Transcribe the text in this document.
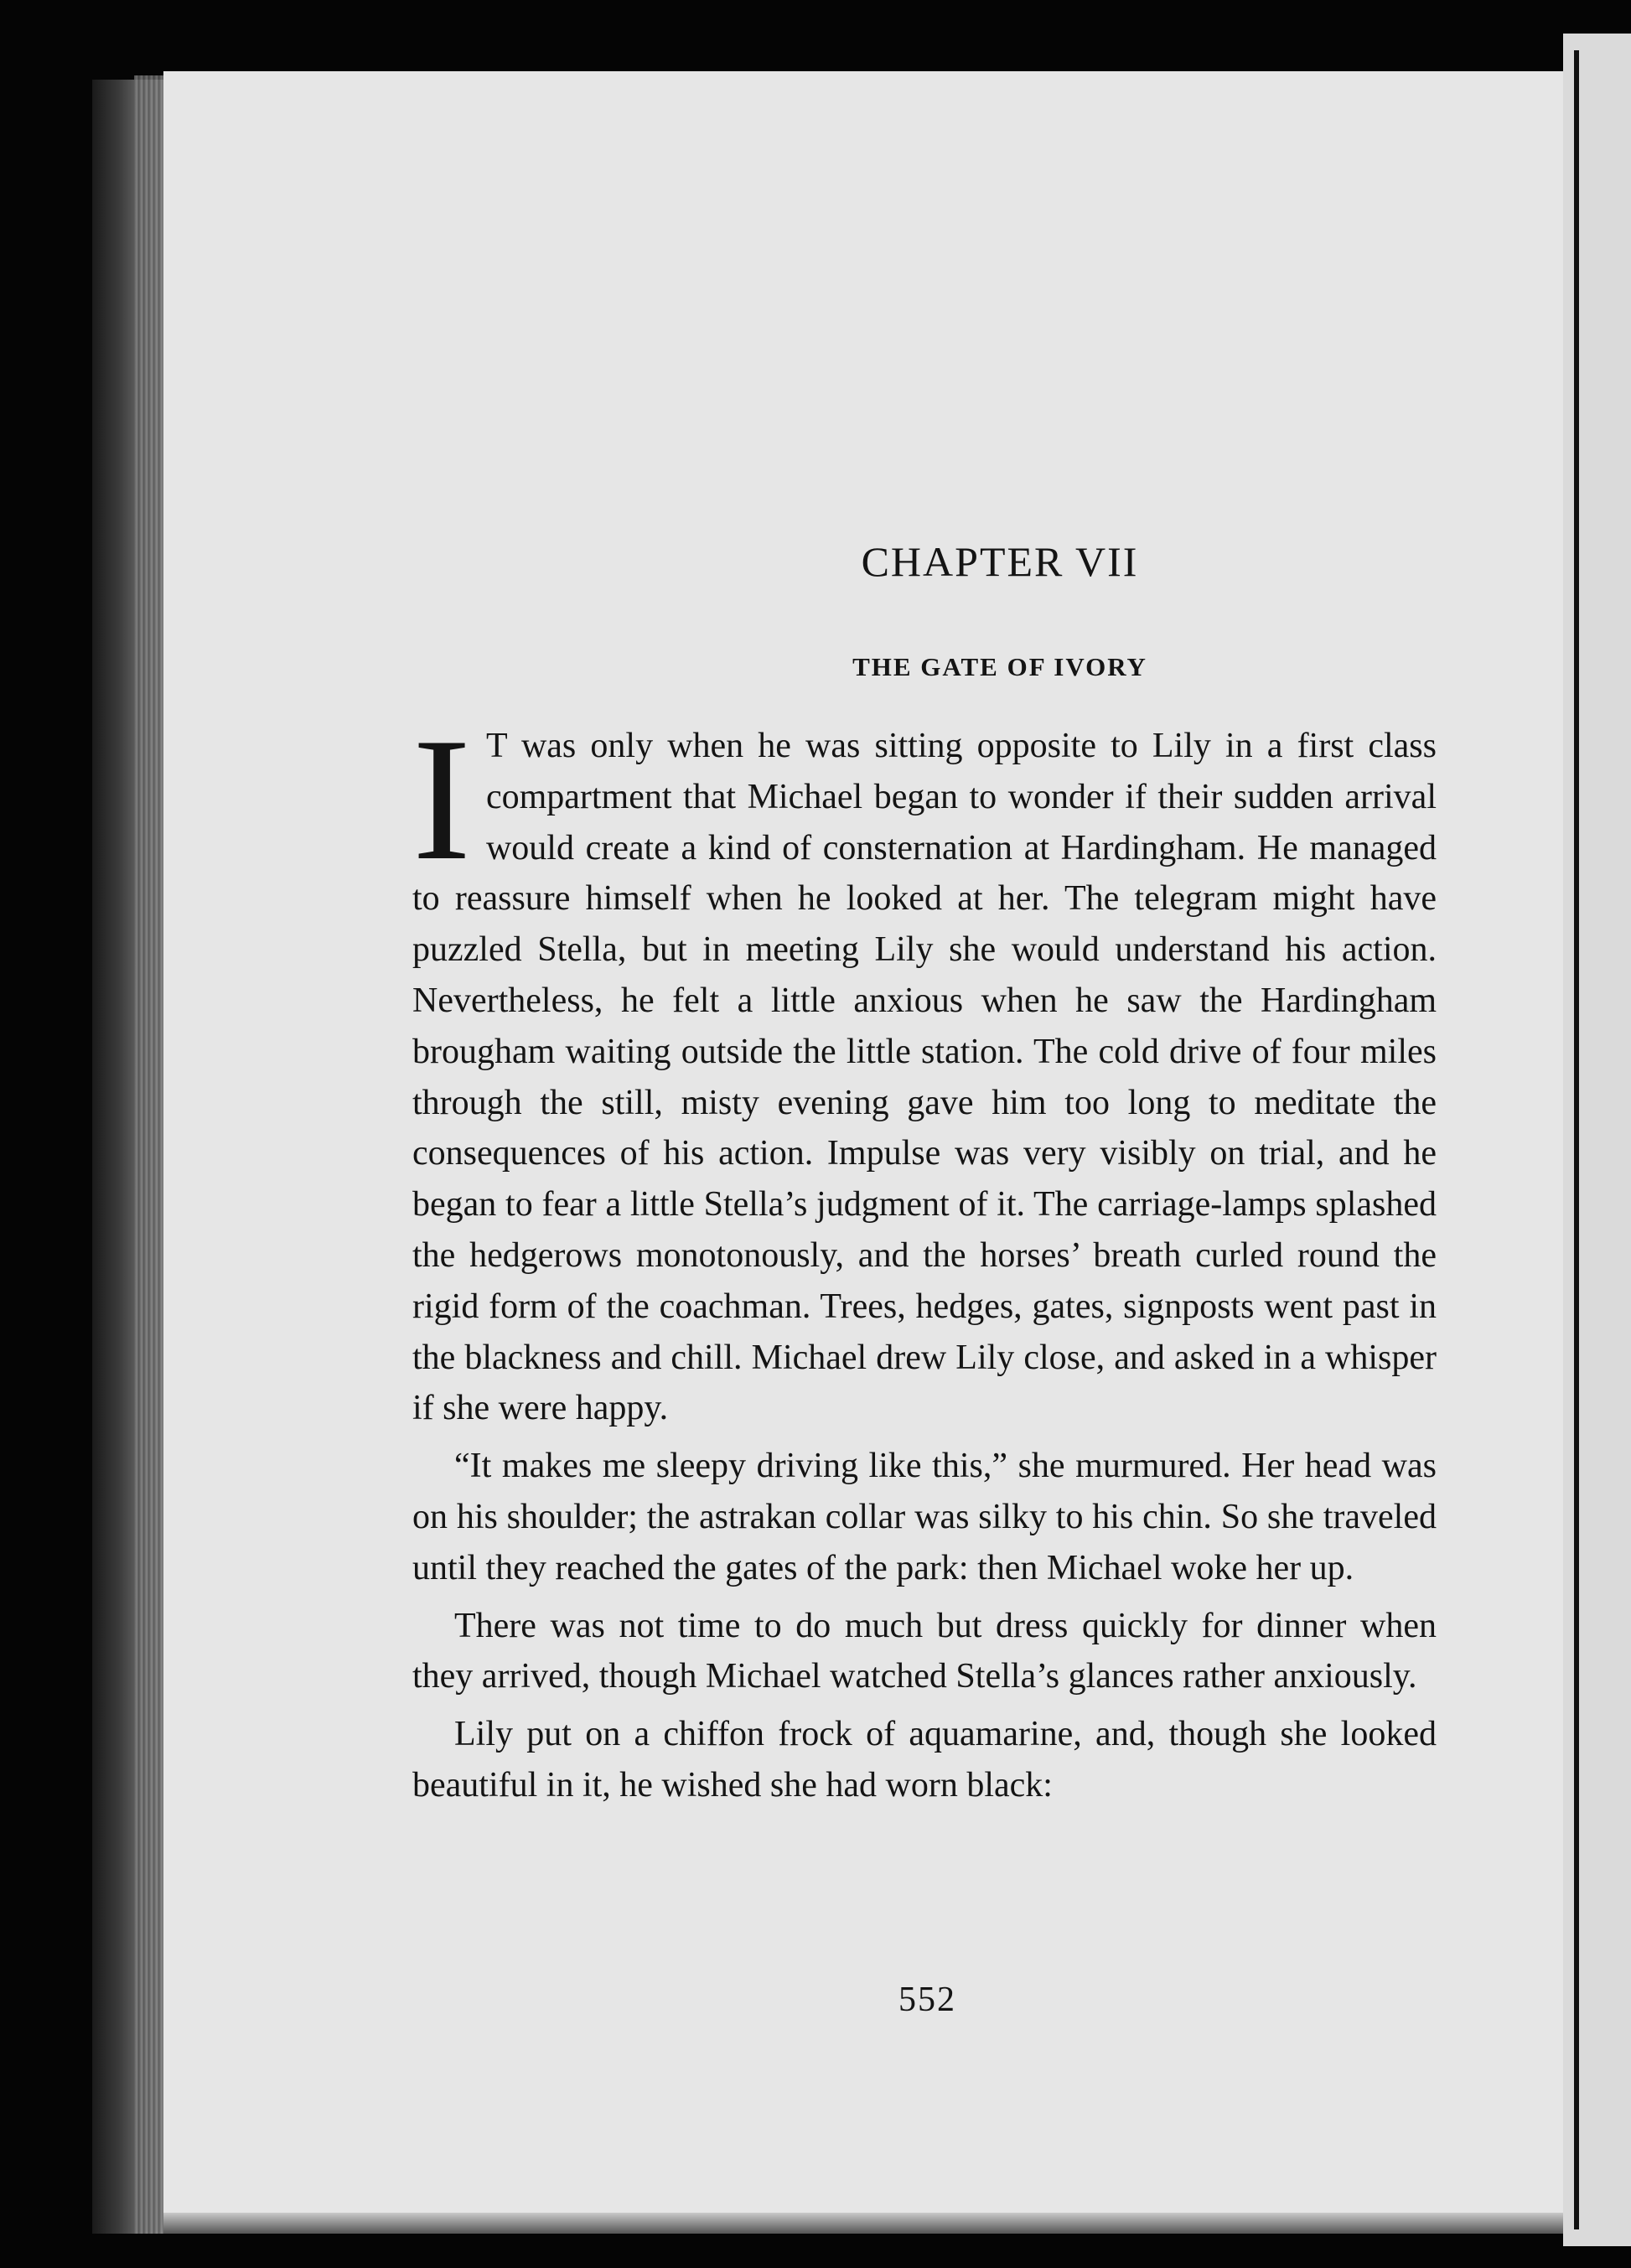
CHAPTER VII
THE GATE OF IVORY

I T was only when he was sitting opposite to Lily in a first class compartment that Michael began to wonder if their sudden arrival would create a kind of consternation at Hardingham. He managed to reassure himself when he looked at her. The telegram might have puzzled Stella, but in meeting Lily she would understand his action. Nevertheless, he felt a little anxious when he saw the Hardingham brougham waiting outside the little station. The cold drive of four miles through the still, misty evening gave him too long to meditate the consequences of his action. Impulse was very visibly on trial, and he began to fear a little Stella’s judgment of it. The carriage-lamps splashed the hedgerows monotonously, and the horses’ breath curled round the rigid form of the coachman. Trees, hedges, gates, signposts went past in the blackness and chill. Michael drew Lily close, and asked in a whisper if she were happy.

“It makes me sleepy driving like this,” she murmured. Her head was on his shoulder; the astrakan collar was silky to his chin. So she traveled until they reached the gates of the park: then Michael woke her up.

There was not time to do much but dress quickly for dinner when they arrived, though Michael watched Stella’s glances rather anxiously.

Lily put on a chiffon frock of aquamarine, and, though she looked beautiful in it, he wished she had worn black:

552
